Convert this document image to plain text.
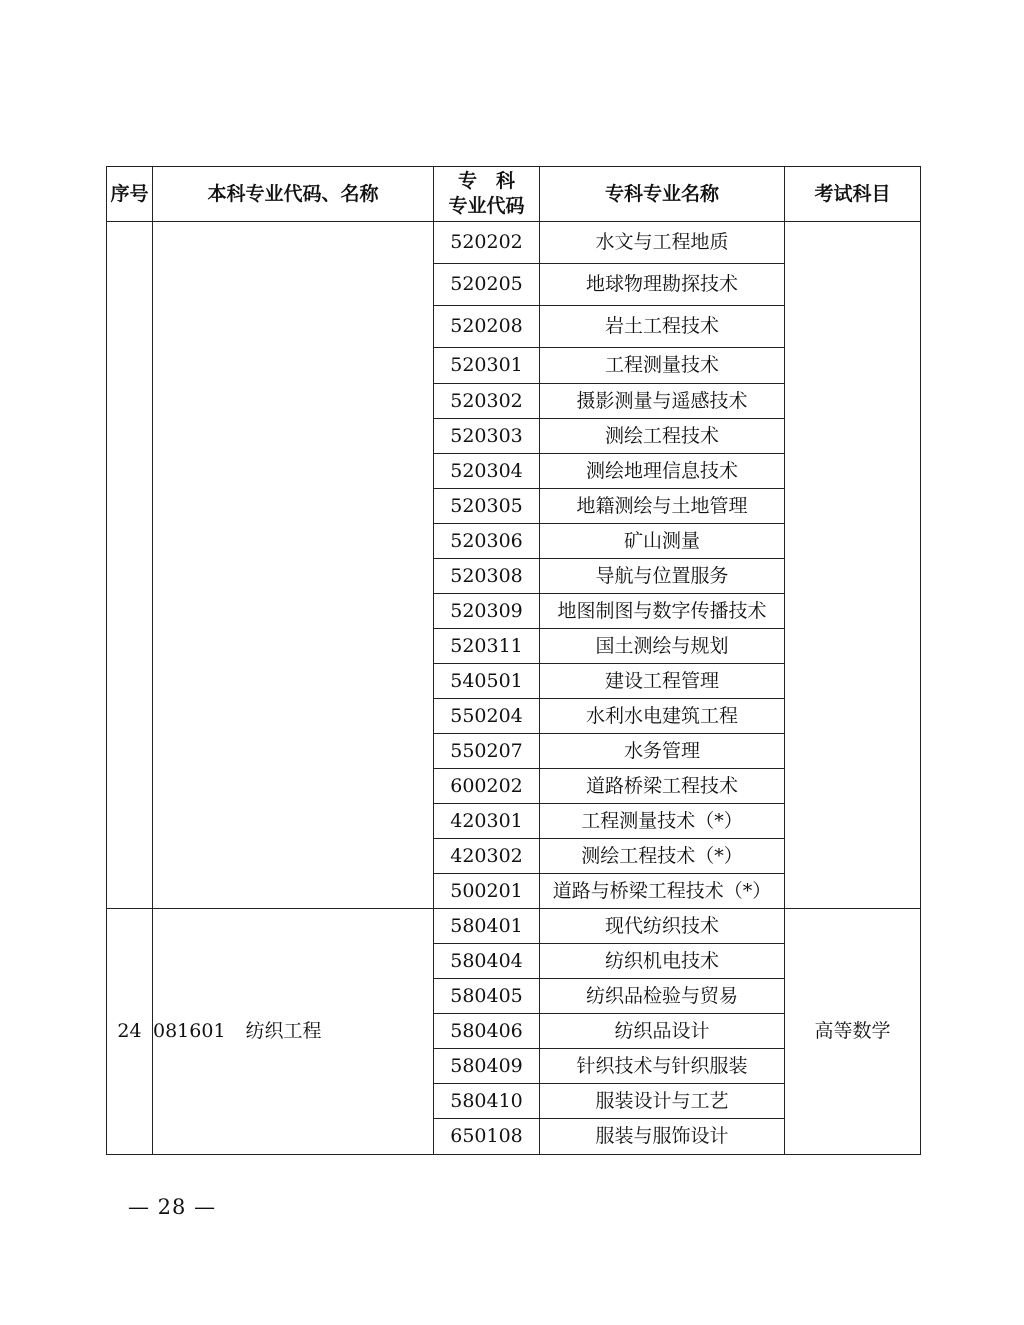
序号	本科专业代码、名称	专　科
专业代码	专科专业名称	考试科目
		520202	水文与工程地质	
		520205	地球物理勘探技术	
		520208	岩土工程技术	
		520301	工程测量技术	
		520302	摄影测量与遥感技术	
		520303	测绘工程技术	
		520304	测绘地理信息技术	
		520305	地籍测绘与土地管理	
		520306	矿山测量	
		520308	导航与位置服务	
		520309	地图制图与数字传播技术	
		520311	国土测绘与规划	
		540501	建设工程管理	
		550204	水利水电建筑工程	
		550207	水务管理	
		600202	道路桥梁工程技术	
		420301	工程测量技术（*）	
		420302	测绘工程技术（*）	
		500201	道路与桥梁工程技术（*）	
24	081601 纺织工程	580401	现代纺织技术	高等数学
		580404	纺织机电技术	
		580405	纺织品检验与贸易	
		580406	纺织品设计	
		580409	针织技术与针织服装	
		580410	服装设计与工艺	
		650108	服装与服饰设计	
— 28 —
